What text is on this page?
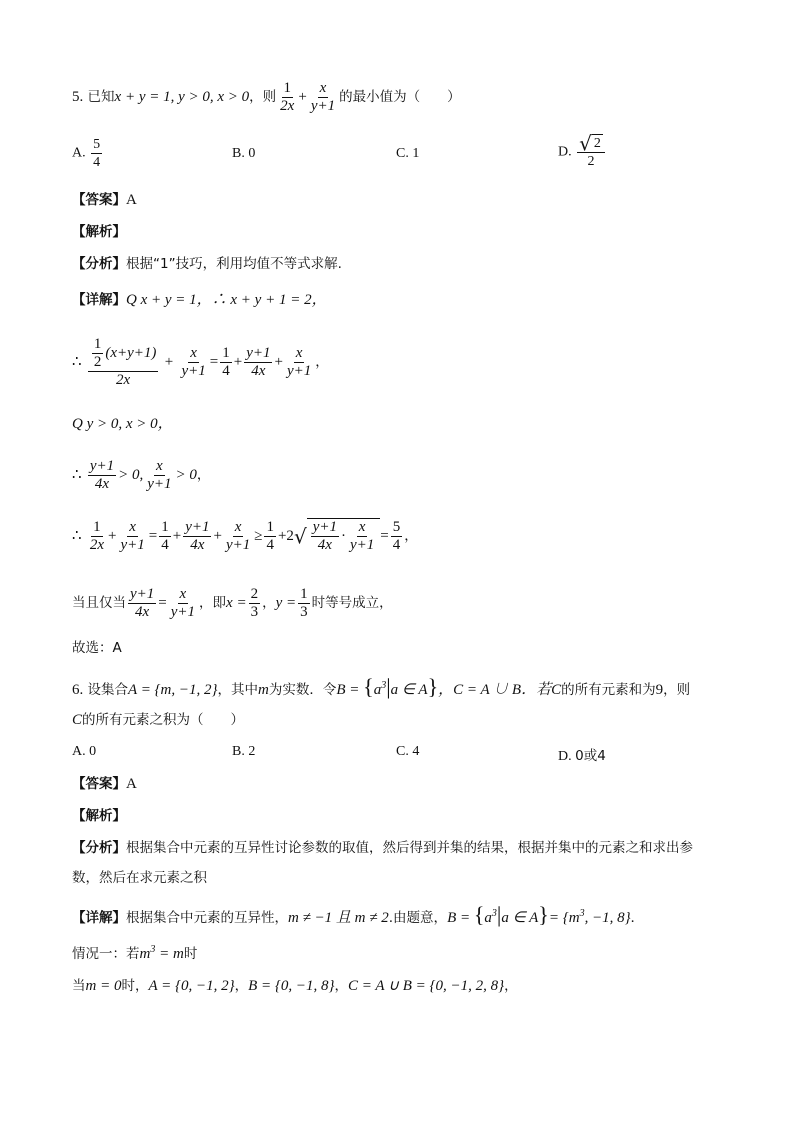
5. 已知x + y = 1, y > 0, x > 0，则 $\frac{1}{2x} + \frac{x}{y+1}$ 的最小值为（　　）
A. $\frac{5}{4}$	B. 0	C. 1	D. $\frac{√ 2}{2}$
【答案】A
【解析】
【分析】根据“1”技巧，利用均值不等式求解.
【详解】Q x + y = 1，∴ x + y + 1 = 2，
∴ $\frac{\frac{1}{2} (x+y+1)}{2x} + \frac{x}{y+1} = \frac{1}{4} + \frac{y+1}{4x} + \frac{x}{y+1}$ ，
Q y > 0, x > 0，
∴ $\frac{y+1}{4x} > 0$, $\frac{x}{y+1} > 0$，
∴ $\frac{1}{2x} + \frac{x}{y+1} = \frac{1}{4} + \frac{y+1}{4x} + \frac{x}{y+1} \ge \frac{1}{4} +2√ \frac{y+1}{4x} \cdot \frac{x}{y+1} = \frac{5}{4}$ ，
当且仅当 $\frac{y+1}{4x} = \frac{x}{y+1}$ ，即$x = \frac{2}{3}$ ，$y = \frac{1}{3}$ 时等号成立，
故选：A
6. 设集合A = {m, −1, 2}，其中m为实数．令$B = \{a^3|a$ ∈ A}，C = A ∪ B．若C的所有元素和为9，则
C的所有元素之积为（　　）
A. 0	B. 2	C. 4	D. 0或4
【答案】A
【解析】
【分析】根据集合中元素的互异性讨论参数的取值，然后得到并集的结果，根据并集中的元素之和求出参
数，然后在求元素之积
【详解】根据集合中元素的互异性，m ≠ −1 且 m ≠ 2.由题意，$B = \{a^3|a$ ∈ $A\}= \{m^3$, −1, 8}.
情况一：若$m^3 = m$时
当m = 0时，A = {0, −1, 2}，B = {0, −1, 8}，C = A ∪ B = {0, −1, 2, 8}，
